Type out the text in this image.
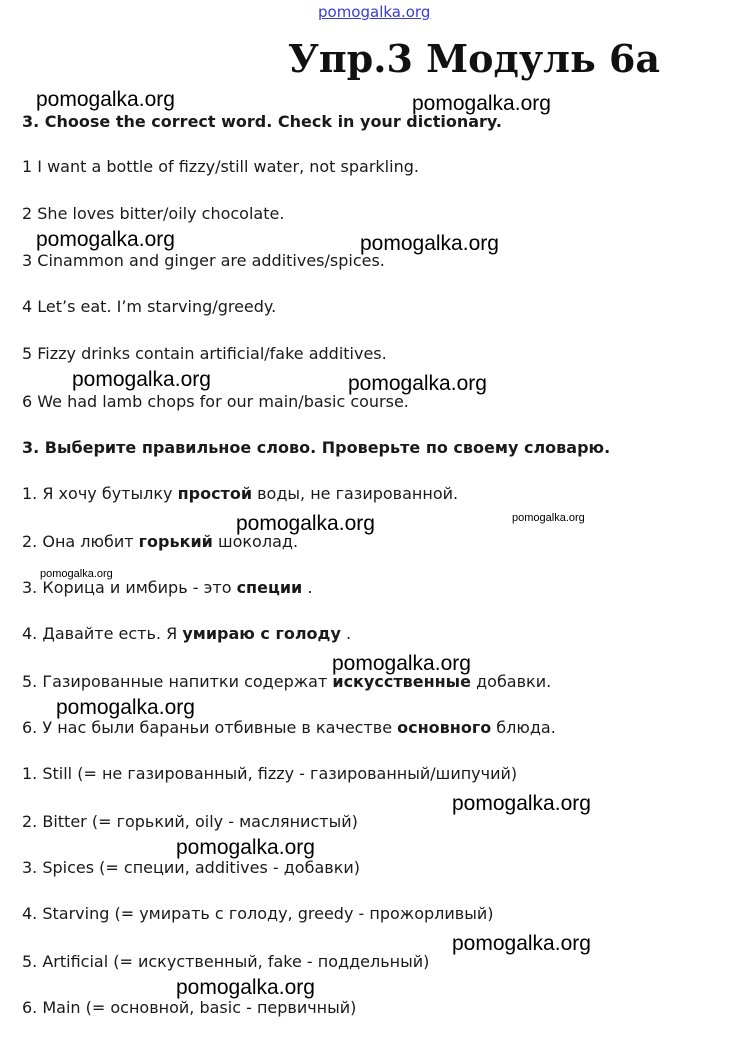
pomogalka.org
Упр.3 Модуль 6а
pomogalka.org	pomogalka.org
pomogalka.org	pomogalka.org
pomogalka.org	pomogalka.org
pomogalka.org	pomogalka.org
pomogalka.org
pomogalka.org
pomogalka.org
pomogalka.org
pomogalka.org
pomogalka.org
pomogalka.org
3. Choose the correct word. Check in your dictionary.
1 I want a bottle of fizzy/still water, not sparkling.
2 She loves bitter/oily chocolate.
3 Cinammon and ginger are additives/spices.
4 Let’s eat. I’m starving/greedy.
5 Fizzy drinks contain artificial/fake additives.
6 We had lamb chops for our main/basic course.
3. Выберите правильное слово. Проверьте по своему словарю.
1. Я хочу бутылку простой воды, не газированной.
2. Она любит горький шоколад.
3. Корица и имбирь - это специи .
4. Давайте есть. Я умираю с голоду .
5. Газированные напитки содержат искусственные добавки.
6. У нас были бараньи отбивные в качестве основного блюда.
1. Still (= не газированный, fizzy - газированный/шипучий)
2. Bitter (= горький, oily - маслянистый)
3. Spices (= специи, additives - добавки)
4. Starving (= умирать с голоду, greedy - прожорливый)
5. Artificial (= искуственный, fake - поддельный)
6. Main (= основной, basic - первичный)
